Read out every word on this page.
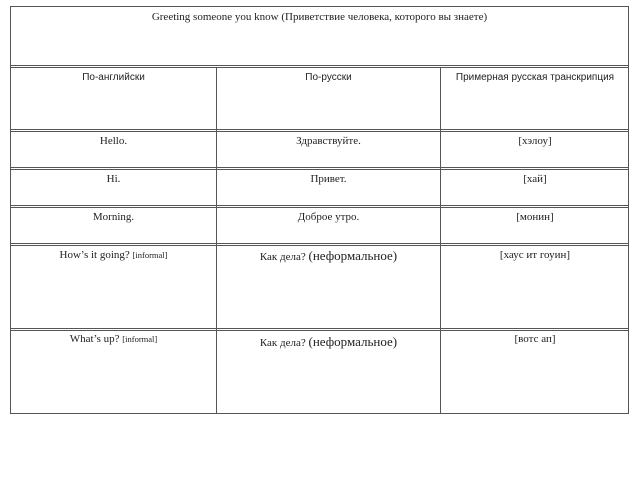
Greeting someone you know (Приветствие человека, которого вы знаете)
По-английски	По-русски	Примерная русская транскрипция
Hello.	Здравствуйте.	[хэлоу]
Hi.	Привет.	[хай]
Morning.	Доброе утро.	[монин]
How’s it going? [informal]	Как дела? (неформальное)	[хаус ит гоуин]
What’s up? [informal]	Как дела? (неформальное)	[вотс ап]
